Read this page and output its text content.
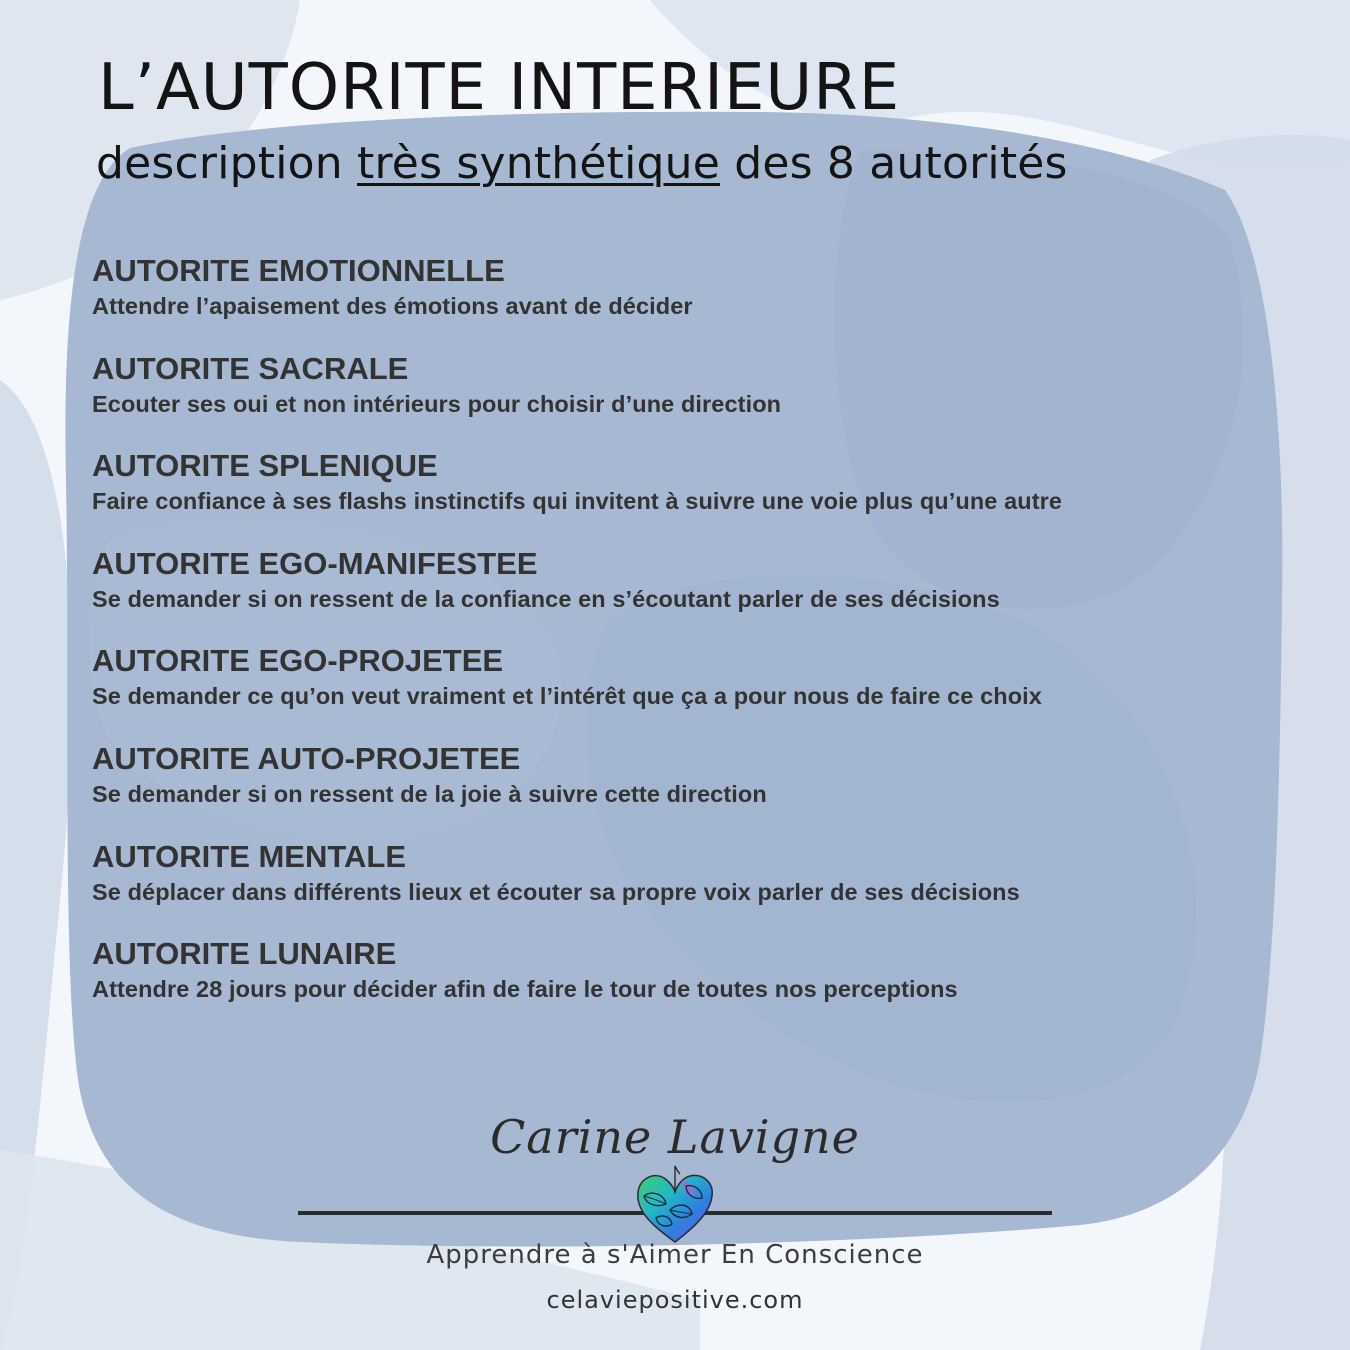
L’AUTORITE INTERIEURE
description très synthétique des 8 autorités
AUTORITE EMOTIONNELLE
Attendre l’apaisement des émotions avant de décider
AUTORITE SACRALE
Ecouter ses oui et non intérieurs pour choisir d’une direction
AUTORITE SPLENIQUE
Faire confiance à ses flashs instinctifs qui invitent à suivre une voie plus qu’une autre
AUTORITE EGO-MANIFESTEE
Se demander si on ressent de la confiance en s’écoutant parler de ses décisions
AUTORITE EGO-PROJETEE
Se demander ce qu’on veut vraiment et l’intérêt que ça a pour nous de faire ce choix
AUTORITE AUTO-PROJETEE
Se demander si on ressent de la joie à suivre cette direction
AUTORITE MENTALE
Se déplacer dans différents lieux et écouter sa propre voix parler de ses décisions
AUTORITE LUNAIRE
Attendre 28 jours pour décider afin de faire le tour de toutes nos perceptions
Carine Lavigne
Apprendre à s'Aimer En Conscience
celaviepositive.com
